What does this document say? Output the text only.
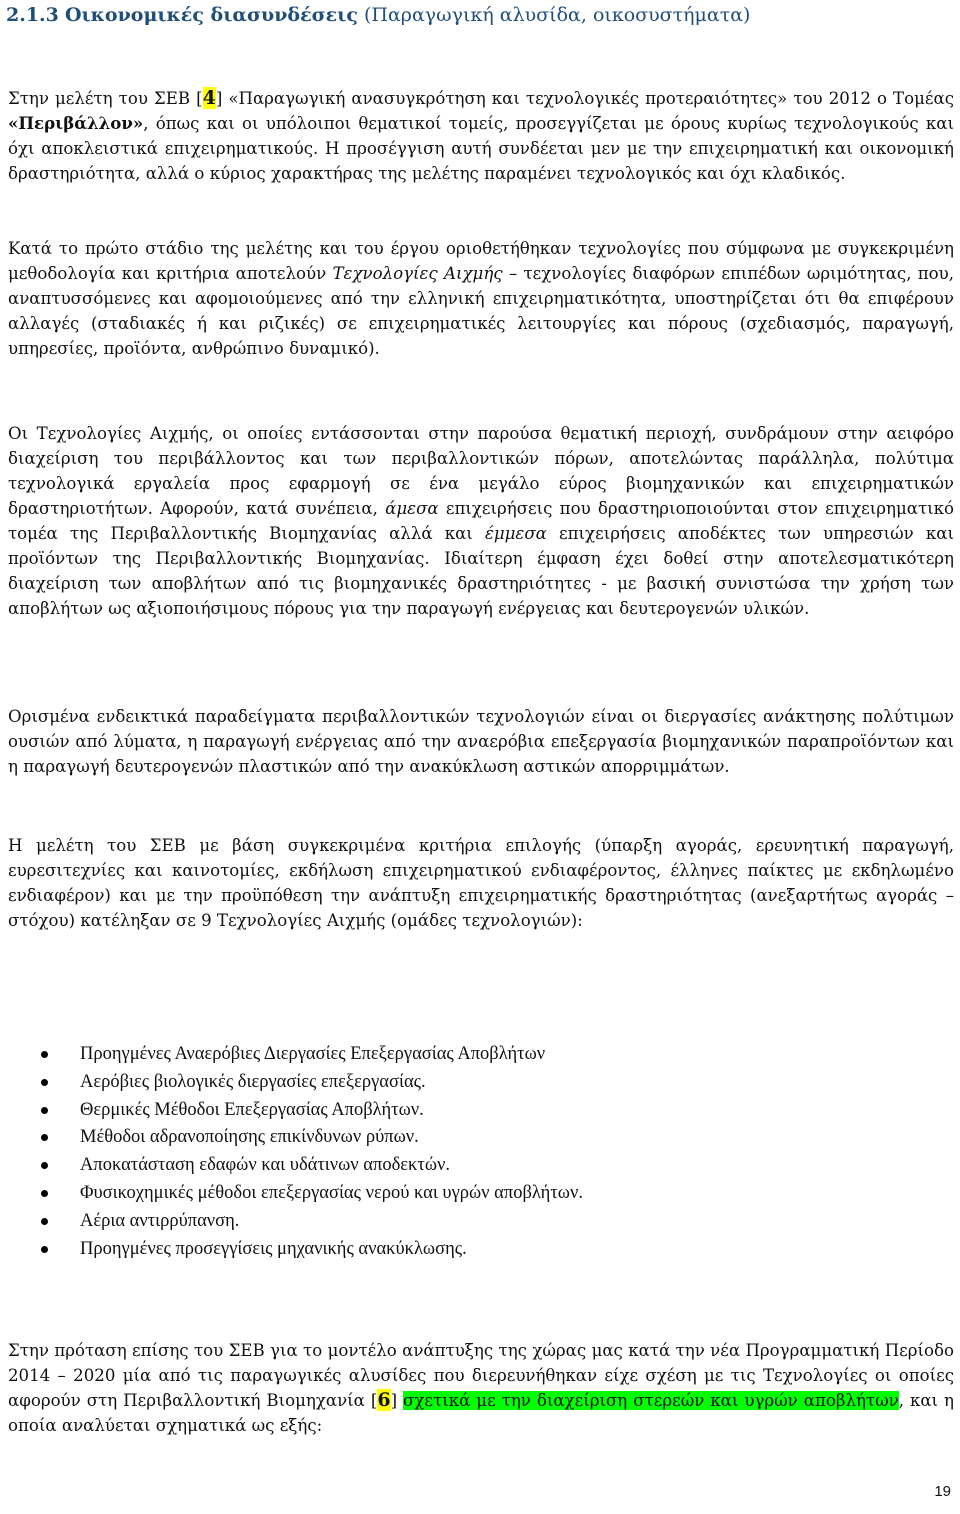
2.1.3 Οικονομικές διασυνδέσεις (Παραγωγική αλυσίδα, οικοσυστήματα)

Στην μελέτη του ΣΕΒ [4] «Παραγωγική ανασυγκρότηση και τεχνολογικές προτεραιότητες» του 2012 ο Τομέας «Περιβάλλον», όπως και οι υπόλοιποι θεματικοί τομείς, προσεγγίζεται με όρους κυρίως τεχνολογικούς και όχι αποκλειστικά επιχειρηματικούς. Η προσέγγιση αυτή συνδέεται μεν με την επιχειρηματική και οικονομική δραστηριότητα, αλλά ο κύριος χαρακτήρας της μελέτης παραμένει τεχνολογικός και όχι κλαδικός.

Κατά το πρώτο στάδιο της μελέτης και του έργου οριοθετήθηκαν τεχνολογίες που σύμφωνα με συγκεκριμένη μεθοδολογία και κριτήρια αποτελούν Τεχνολογίες Αιχμής – τεχνολογίες διαφόρων επιπέδων ωριμότητας, που, αναπτυσσόμενες και αφομοιούμενες από την ελληνική επιχειρηματικότητα, υποστηρίζεται ότι θα επιφέρουν αλλαγές (σταδιακές ή και ριζικές) σε επιχειρηματικές λειτουργίες και πόρους (σχεδιασμός, παραγωγή, υπηρεσίες, προϊόντα, ανθρώπινο δυναμικό).

Οι Τεχνολογίες Αιχμής, οι οποίες εντάσσονται στην παρούσα θεματική περιοχή, συνδράμουν στην αειφόρο διαχείριση του περιβάλλοντος και των περιβαλλοντικών πόρων, αποτελώντας παράλληλα, πολύτιμα τεχνολογικά εργαλεία προς εφαρμογή σε ένα μεγάλο εύρος βιομηχανικών και επιχειρηματικών δραστηριοτήτων. Αφορούν, κατά συνέπεια, άμεσα επιχειρήσεις που δραστηριοποιούνται στον επιχειρηματικό τομέα της Περιβαλλοντικής Βιομηχανίας αλλά και έμμεσα επιχειρήσεις αποδέκτες των υπηρεσιών και προϊόντων της Περιβαλλοντικής Βιομηχανίας. Ιδιαίτερη έμφαση έχει δοθεί στην αποτελεσματικότερη διαχείριση των αποβλήτων από τις βιομηχανικές δραστηριότητες - με βασική συνιστώσα την χρήση των αποβλήτων ως αξιοποιήσιμους πόρους για την παραγωγή ενέργειας και δευτερογενών υλικών.

Ορισμένα ενδεικτικά παραδείγματα περιβαλλοντικών τεχνολογιών είναι οι διεργασίες ανάκτησης πολύτιμων ουσιών από λύματα, η παραγωγή ενέργειας από την αναερόβια επεξεργασία βιομηχανικών παραπροϊόντων και η παραγωγή δευτερογενών πλαστικών από την ανακύκλωση αστικών απορριμμάτων.

Η μελέτη του ΣΕΒ με βάση συγκεκριμένα κριτήρια επιλογής (ύπαρξη αγοράς, ερευνητική παραγωγή, ευρεσιτεχνίες και καινοτομίες, εκδήλωση επιχειρηματικού ενδιαφέροντος, έλληνες παίκτες με εκδηλωμένο ενδιαφέρον) και με την προϋπόθεση την ανάπτυξη επιχειρηματικής δραστηριότητας (ανεξαρτήτως αγοράς – στόχου) κατέληξαν σε 9 Τεχνολογίες Αιχμής (ομάδες τεχνολογιών):

Προηγμένες Αναερόβιες Διεργασίες Επεξεργασίας Αποβλήτων
Αερόβιες βιολογικές διεργασίες επεξεργασίας.
Θερμικές Μέθοδοι Επεξεργασίας Αποβλήτων.
Μέθοδοι αδρανοποίησης επικίνδυνων ρύπων.
Αποκατάσταση εδαφών και υδάτινων αποδεκτών.
Φυσικοχημικές μέθοδοι επεξεργασίας νερού και υγρών αποβλήτων.
Αέρια αντιρρύπανση.
Προηγμένες προσεγγίσεις μηχανικής ανακύκλωσης.

Στην πρόταση επίσης του ΣΕΒ για το μοντέλο ανάπτυξης της χώρας μας κατά την νέα Προγραμματική Περίοδο 2014 – 2020 μία από τις παραγωγικές αλυσίδες που διερευνήθηκαν είχε σχέση με τις Τεχνολογίες οι οποίες αφορούν στη Περιβαλλοντική Βιομηχανία [6] σχετικά με την διαχείριση στερεών και υγρών αποβλήτων, και η οποία αναλύεται σχηματικά ως εξής:

19
